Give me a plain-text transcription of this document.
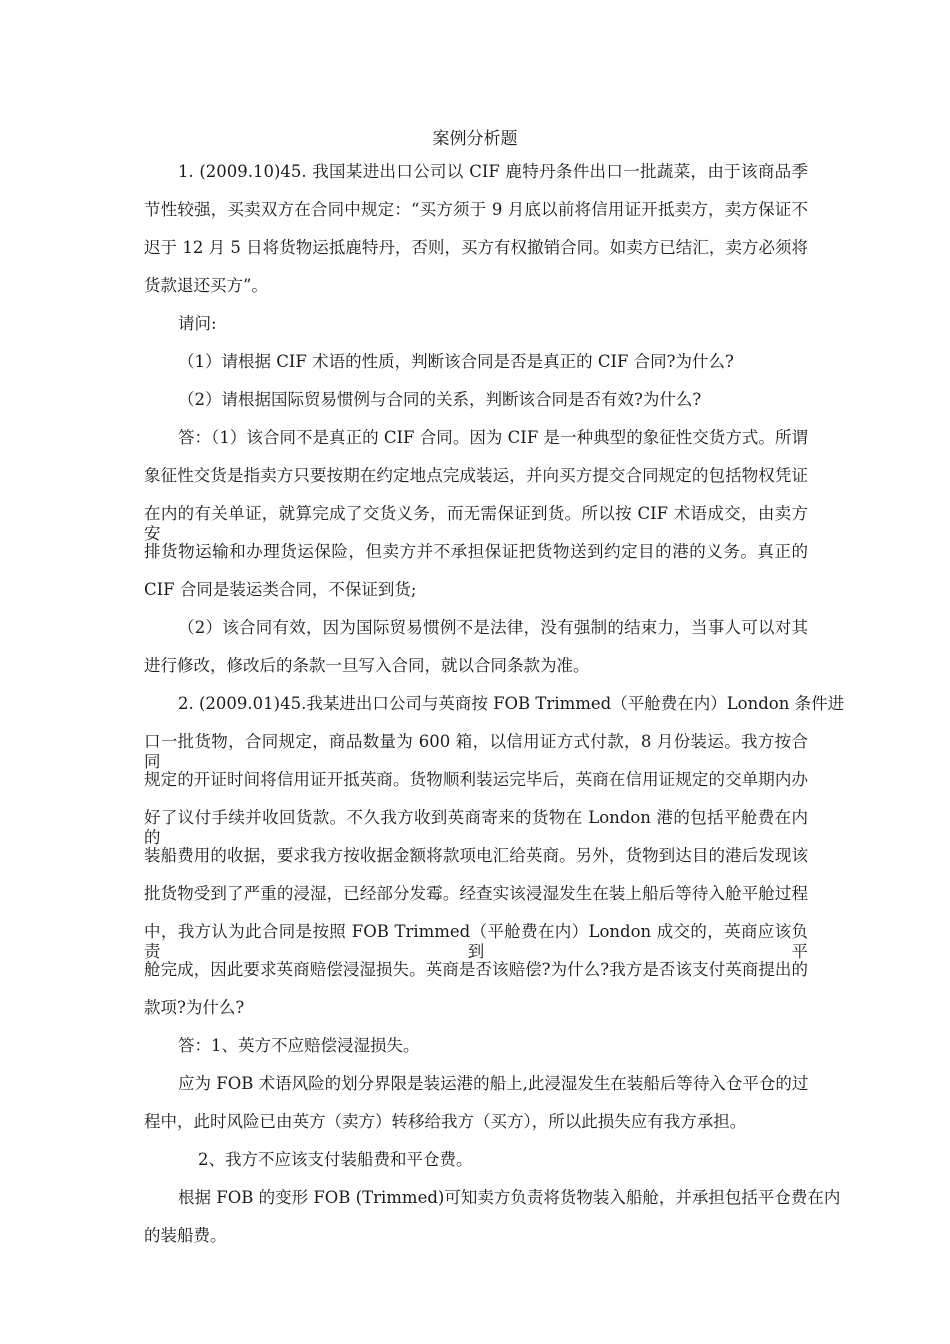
案例分析题
1. (2009.10)45. 我国某进出口公司以 CIF 鹿特丹条件出口一批蔬菜，由于该商品季
节性较强，买卖双方在合同中规定：“买方须于 9 月底以前将信用证开抵卖方，卖方保证不
迟于 12 月 5 日将货物运抵鹿特丹，否则，买方有权撤销合同。如卖方已结汇，卖方必须将
货款退还买方”。
请问:
（1）请根据 CIF 术语的性质，判断该合同是否是真正的 CIF 合同?为什么?
（2）请根据国际贸易惯例与合同的关系，判断该合同是否有效?为什么?
答：（1）该合同不是真正的 CIF 合同。因为 CIF 是一种典型的象征性交货方式。所谓
象征性交货是指卖方只要按期在约定地点完成装运，并向买方提交合同规定的包括物权凭证
在内的有关单证，就算完成了交货义务，而无需保证到货。所以按 CIF 术语成交，由卖方安
排货物运输和办理货运保险，但卖方并不承担保证把货物送到约定目的港的义务。真正的
CIF 合同是装运类合同，不保证到货;
（2）该合同有效，因为国际贸易惯例不是法律，没有强制的结束力，当事人可以对其
进行修改，修改后的条款一旦写入合同，就以合同条款为准。
2. (2009.01)45.我某进出口公司与英商按 FOB Trimmed（平舱费在内）London 条件进
口一批货物，合同规定，商品数量为 600 箱，以信用证方式付款，8 月份装运。我方按合同
规定的开证时间将信用证开抵英商。货物顺利装运完毕后，英商在信用证规定的交单期内办
好了议付手续并收回货款。不久我方收到英商寄来的货物在 London 港的包括平舱费在内的
装船费用的收据，要求我方按收据金额将款项电汇给英商。另外，货物到达目的港后发现该
批货物受到了严重的浸湿，已经部分发霉。经查实该浸湿发生在装上船后等待入舱平舱过程
中，我方认为此合同是按照 FOB Trimmed（平舱费在内）London 成交的，英商应该负责到平
舱完成，因此要求英商赔偿浸湿损失。英商是否该赔偿?为什么?我方是否该支付英商提出的
款项?为什么?
答：1、英方不应赔偿浸湿损失。
应为 FOB 术语风险的划分界限是装运港的船上,此浸湿发生在装船后等待入仓平仓的过
程中，此时风险已由英方（卖方）转移给我方（买方），所以此损失应有我方承担。
2、我方不应该支付装船费和平仓费。
根据 FOB 的变形 FOB (Trimmed)可知卖方负责将货物装入船舱，并承担包括平仓费在内
的装船费。
